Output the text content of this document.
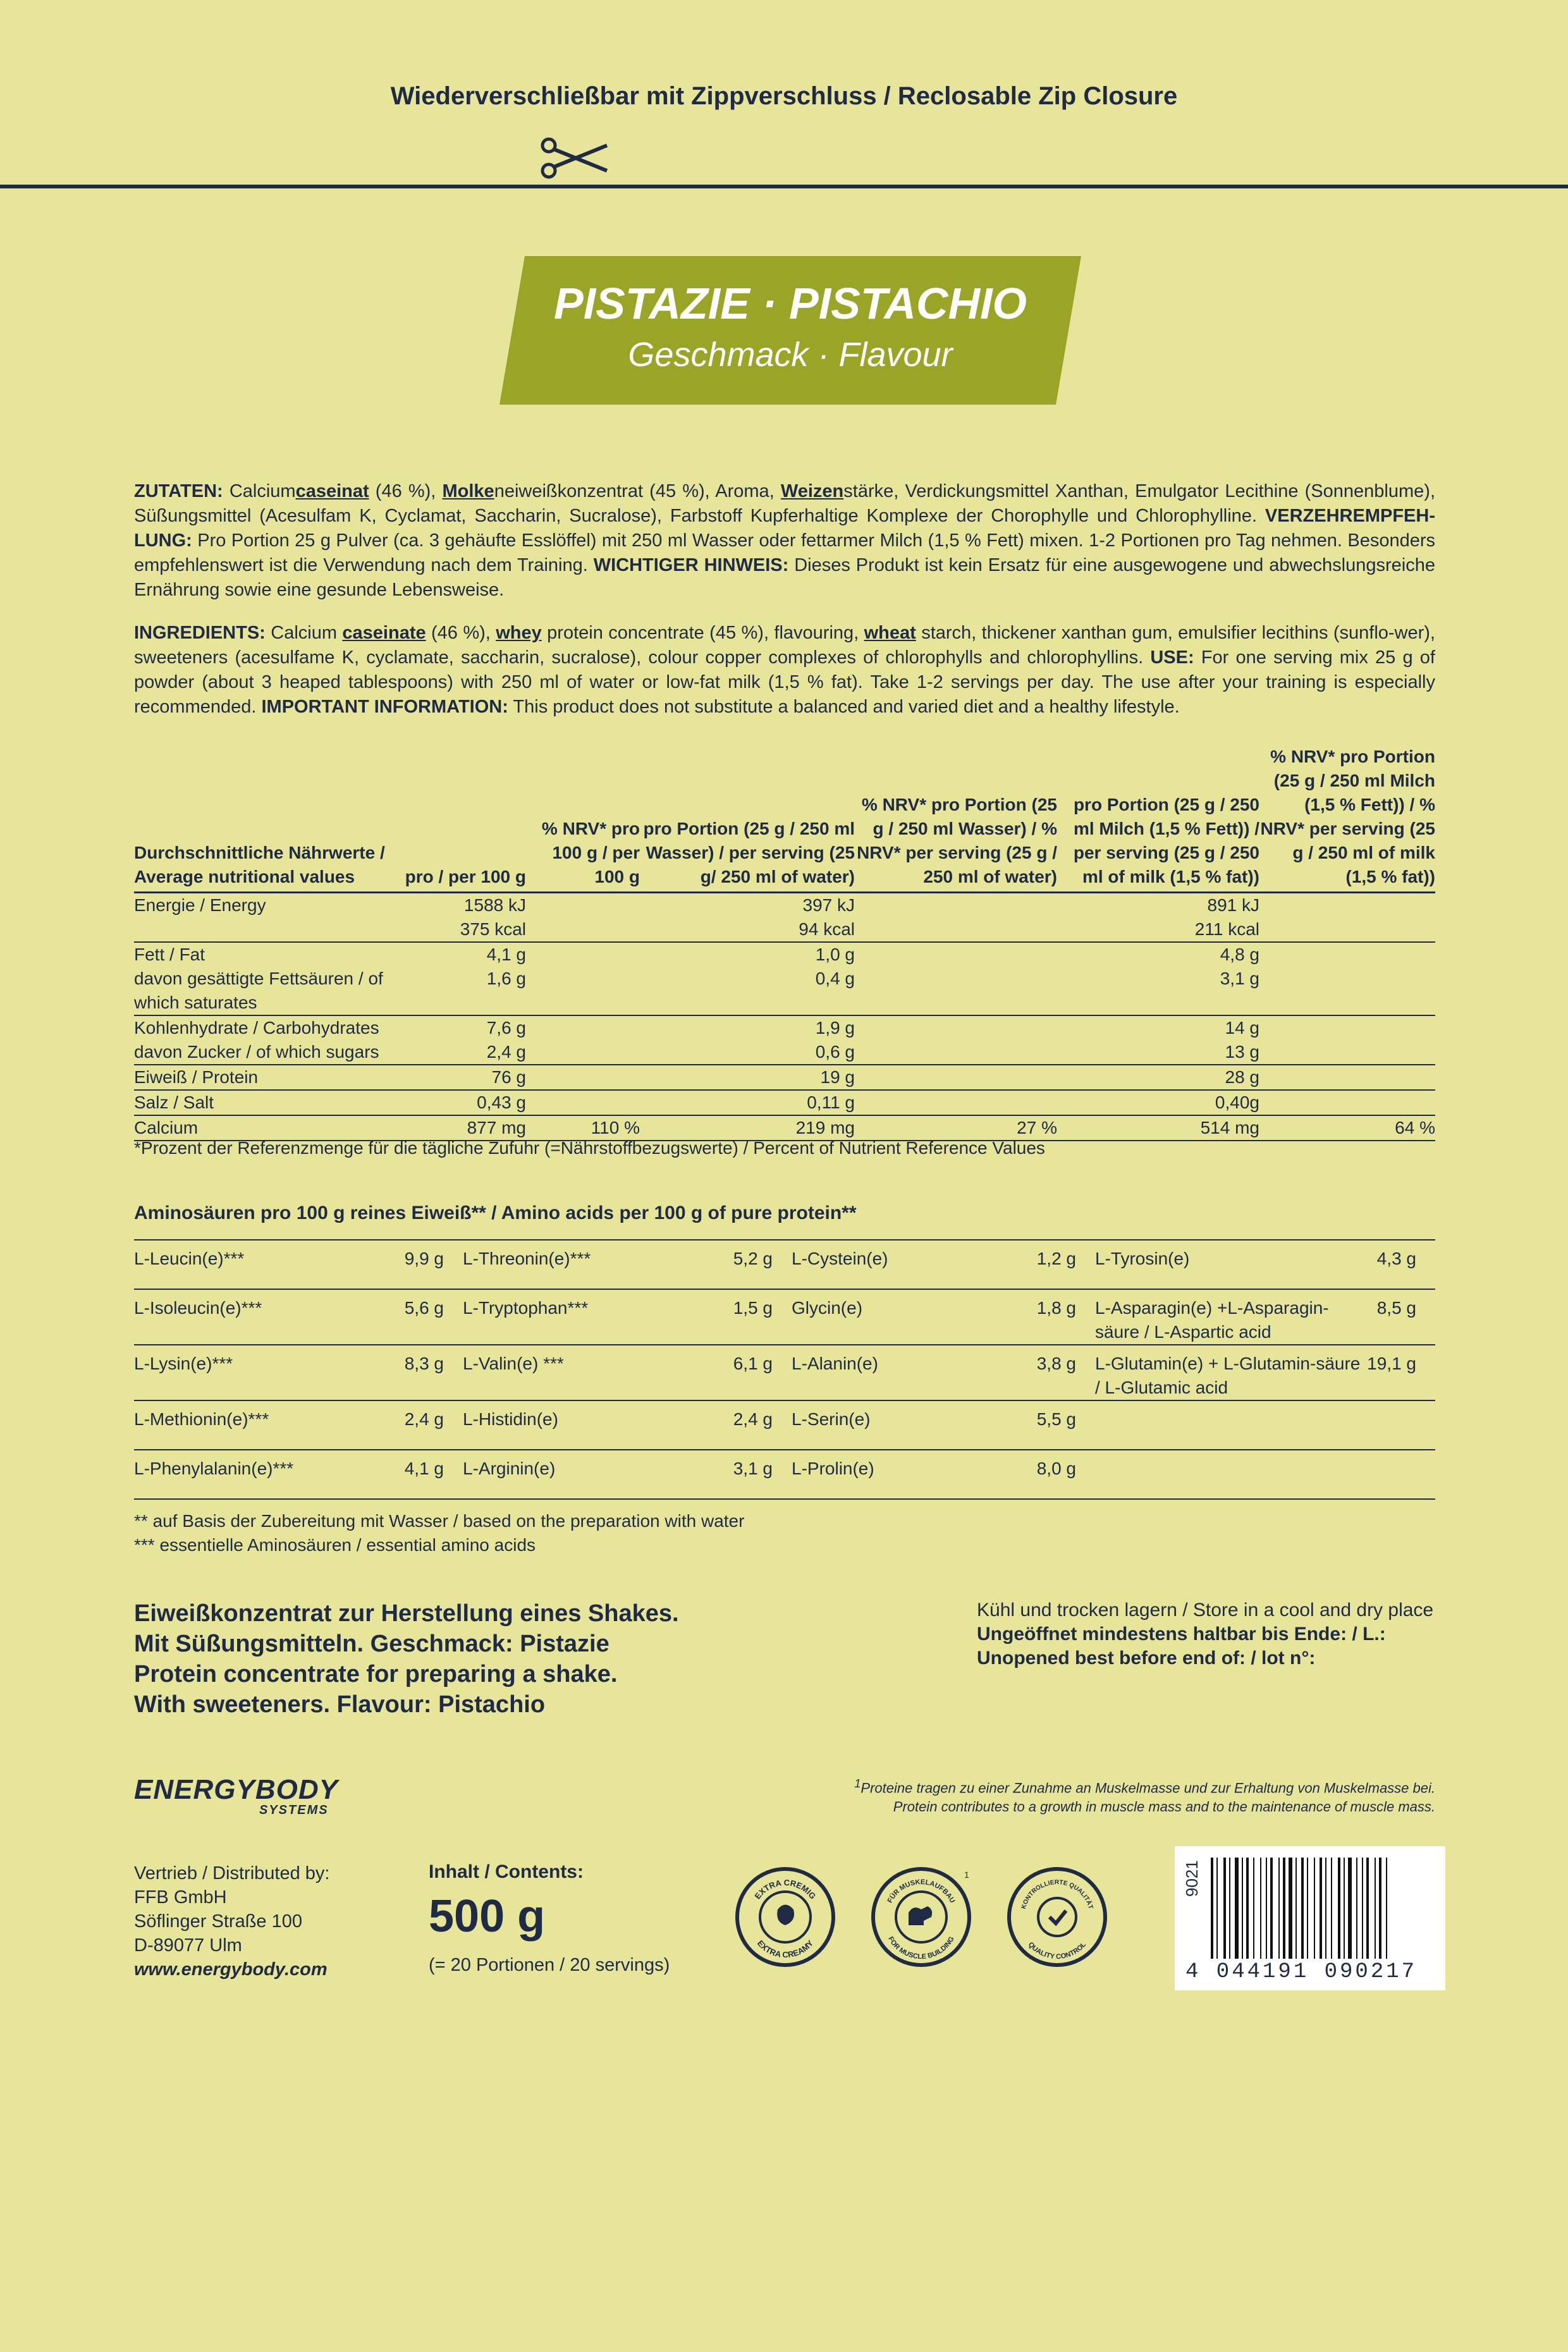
Wiederverschließbar mit Zippverschluss / Reclosable Zip Closure
PISTAZIE · PISTACHIO
Geschmack · Flavour
ZUTATEN: Calciumcaseinat (46 %), Molkeneiweißkonzentrat (45 %), Aroma, Weizenstärke, Verdickungsmittel Xanthan, Emulgator Lecithine (Sonnenblume), Süßungsmittel (Acesulfam K, Cyclamat, Saccharin, Sucralose), Farbstoff Kupferhaltige Komplexe der Chorophylle und Chlorophylline. VERZEHREMPFEH-LUNG: Pro Portion 25 g Pulver (ca. 3 gehäufte Esslöffel) mit 250 ml Wasser oder fettarmer Milch (1,5 % Fett) mixen. 1-2 Portionen pro Tag nehmen. Besonders empfehlenswert ist die Verwendung nach dem Training. WICHTIGER HINWEIS: Dieses Produkt ist kein Ersatz für eine ausgewogene und abwechslungsreiche Ernährung sowie eine gesunde Lebensweise.
INGREDIENTS: Calcium caseinate (46 %), whey protein concentrate (45 %), flavouring, wheat starch, thickener xanthan gum, emulsifier lecithins (sunflo-wer), sweeteners (acesulfame K, cyclamate, saccharin, sucralose), colour copper complexes of chlorophylls and chlorophyllins. USE: For one serving mix 25 g of powder (about 3 heaped tablespoons) with 250 ml of water or low-fat milk (1,5 % fat). Take 1-2 servings per day. The use after your training is especially recommended. IMPORTANT INFORMATION: This product does not substitute a balanced and varied diet and a healthy lifestyle.
Durchschnittliche Nährwerte / Average nutritional values	pro / per 100 g	% NRV* pro 100 g / per 100 g	pro Portion (25 g / 250 ml Wasser) / per serving (25 g/ 250 ml of water)	% NRV* pro Portion (25 g / 250 ml Wasser) / % NRV* per serving (25 g / 250 ml of water)	pro Portion (25 g / 250 ml Milch (1,5 % Fett)) / per serving (25 g / 250 ml of milk (1,5 % fat))	% NRV* pro Portion (25 g / 250 ml Milch (1,5 % Fett)) / % NRV* per serving (25 g / 250 ml of milk (1,5 % fat))
Energie / Energy	1588 kJ		397 kJ		891 kJ	
	375 kcal		94 kcal		211 kcal	
Fett / Fat	4,1 g		1,0 g		4,8 g	
davon gesättigte Fettsäuren / of which saturates	1,6 g		0,4 g		3,1 g	
Kohlenhydrate / Carbohydrates	7,6 g		1,9 g		14 g	
davon Zucker / of which sugars	2,4 g		0,6 g		13 g	
Eiweiß / Protein	76 g		19 g		28 g	
Salz / Salt	0,43 g		0,11 g		0,40g	
Calcium	877 mg	110 %	219 mg	27 %	514 mg	64 %
*Prozent der Referenzmenge für die tägliche Zufuhr (=Nährstoffbezugswerte) / Percent of Nutrient Reference Values
Aminosäuren pro 100 g reines Eiweiß** / Amino acids per 100 g of pure protein**
L-Leucin(e)***	9,9 g	L-Threonin(e)***	5,2 g	L-Cystein(e)	1,2 g	L-Tyrosin(e)	4,3 g
L-Isoleucin(e)***	5,6 g	L-Tryptophan***	1,5 g	Glycin(e)	1,8 g	L-Asparagin(e) +L-Asparagin-säure / L-Aspartic acid	8,5 g
L-Lysin(e)***	8,3 g	L-Valin(e) ***	6,1 g	L-Alanin(e)	3,8 g	L-Glutamin(e) + L-Glutamin-säure / L-Glutamic acid	19,1 g
L-Methionin(e)***	2,4 g	L-Histidin(e)	2,4 g	L-Serin(e)	5,5 g		
L-Phenylalanin(e)***	4,1 g	L-Arginin(e)	3,1 g	L-Prolin(e)	8,0 g		
** auf Basis der Zubereitung mit Wasser / based on the preparation with water
*** essentielle Aminosäuren / essential amino acids
Eiweißkonzentrat zur Herstellung eines Shakes.
Mit Süßungsmitteln. Geschmack: Pistazie
Protein concentrate for preparing a shake.
With sweeteners. Flavour: Pistachio
Kühl und trocken lagern / Store in a cool and dry place
Ungeöffnet mindestens haltbar bis Ende: / L.:
Unopened best before end of: / lot n°:
ENERGYBODY
SYSTEMS
$^1$Proteine tragen zu einer Zunahme an Muskelmasse und zur Erhaltung von Muskelmasse bei.
Protein contributes to a growth in muscle mass and to the maintenance of muscle mass.
Vertrieb / Distributed by:
FFB GmbH
Söflinger Straße 100
D-89077 Ulm
www.energybody.com
Inhalt / Contents:
500 g
(= 20 Portionen / 20 servings)
EXTRA CREMIG
EXTRA CREAMY
FÜR MUSKELAUFBAU
FOR MUSCLE BUILDING
1
KONTROLLIERTE QUALITÄT
QUALITY CONTROL
9021
4 044191 090217
